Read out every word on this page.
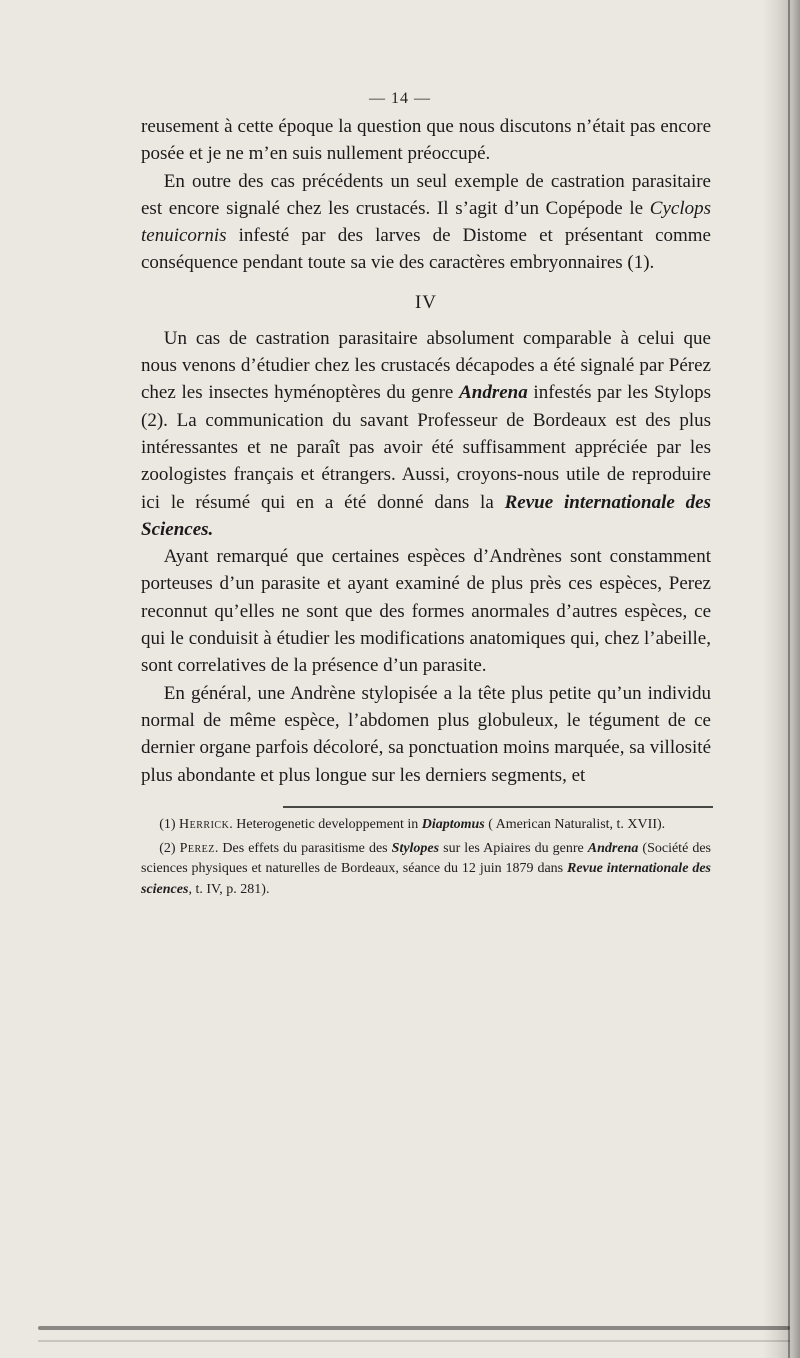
— 14 —

reusement à cette époque la question que nous discutons n’était pas encore posée et je ne m’en suis nullement préoccupé.

En outre des cas précédents un seul exemple de castration parasitaire est encore signalé chez les crustacés. Il s’agit d’un Copépode le Cyclops tenuicornis infesté par des larves de Distome et présentant comme conséquence pendant toute sa vie des caractères embryonnaires (1).

IV

Un cas de castration parasitaire absolument comparable à celui que nous venons d’étudier chez les crustacés décapodes a été signalé par Pérez chez les insectes hyménoptères du genre Andrena infestés par les Stylops (2). La communication du savant Professeur de Bordeaux est des plus intéressantes et ne paraît pas avoir été suffisamment appréciée par les zoologistes français et étrangers. Aussi, croyons-nous utile de reproduire ici le résumé qui en a été donné dans la Revue internationale des Sciences.

Ayant remarqué que certaines espèces d’Andrènes sont constamment porteuses d’un parasite et ayant examiné de plus près ces espèces, Perez reconnut qu’elles ne sont que des formes anormales d’autres espèces, ce qui le conduisit à étudier les modifications anatomiques qui, chez l’abeille, sont correlatives de la présence d’un parasite.

En général, une Andrène stylopisée a la tête plus petite qu’un individu normal de même espèce, l’abdomen plus globuleux, le tégument de ce dernier organe parfois décoloré, sa ponctuation moins marquée, sa villosité plus abondante et plus longue sur les derniers segments, et

(1) Herrick. Heterogenetic developpement in Diaptomus ( American Naturalist, t. XVII).

(2) Perez. Des effets du parasitisme des Stylopes sur les Apiaires du genre Andrena (Société des sciences physiques et naturelles de Bordeaux, séance du 12 juin 1879 dans Revue internationale des sciences, t. IV, p. 281).
